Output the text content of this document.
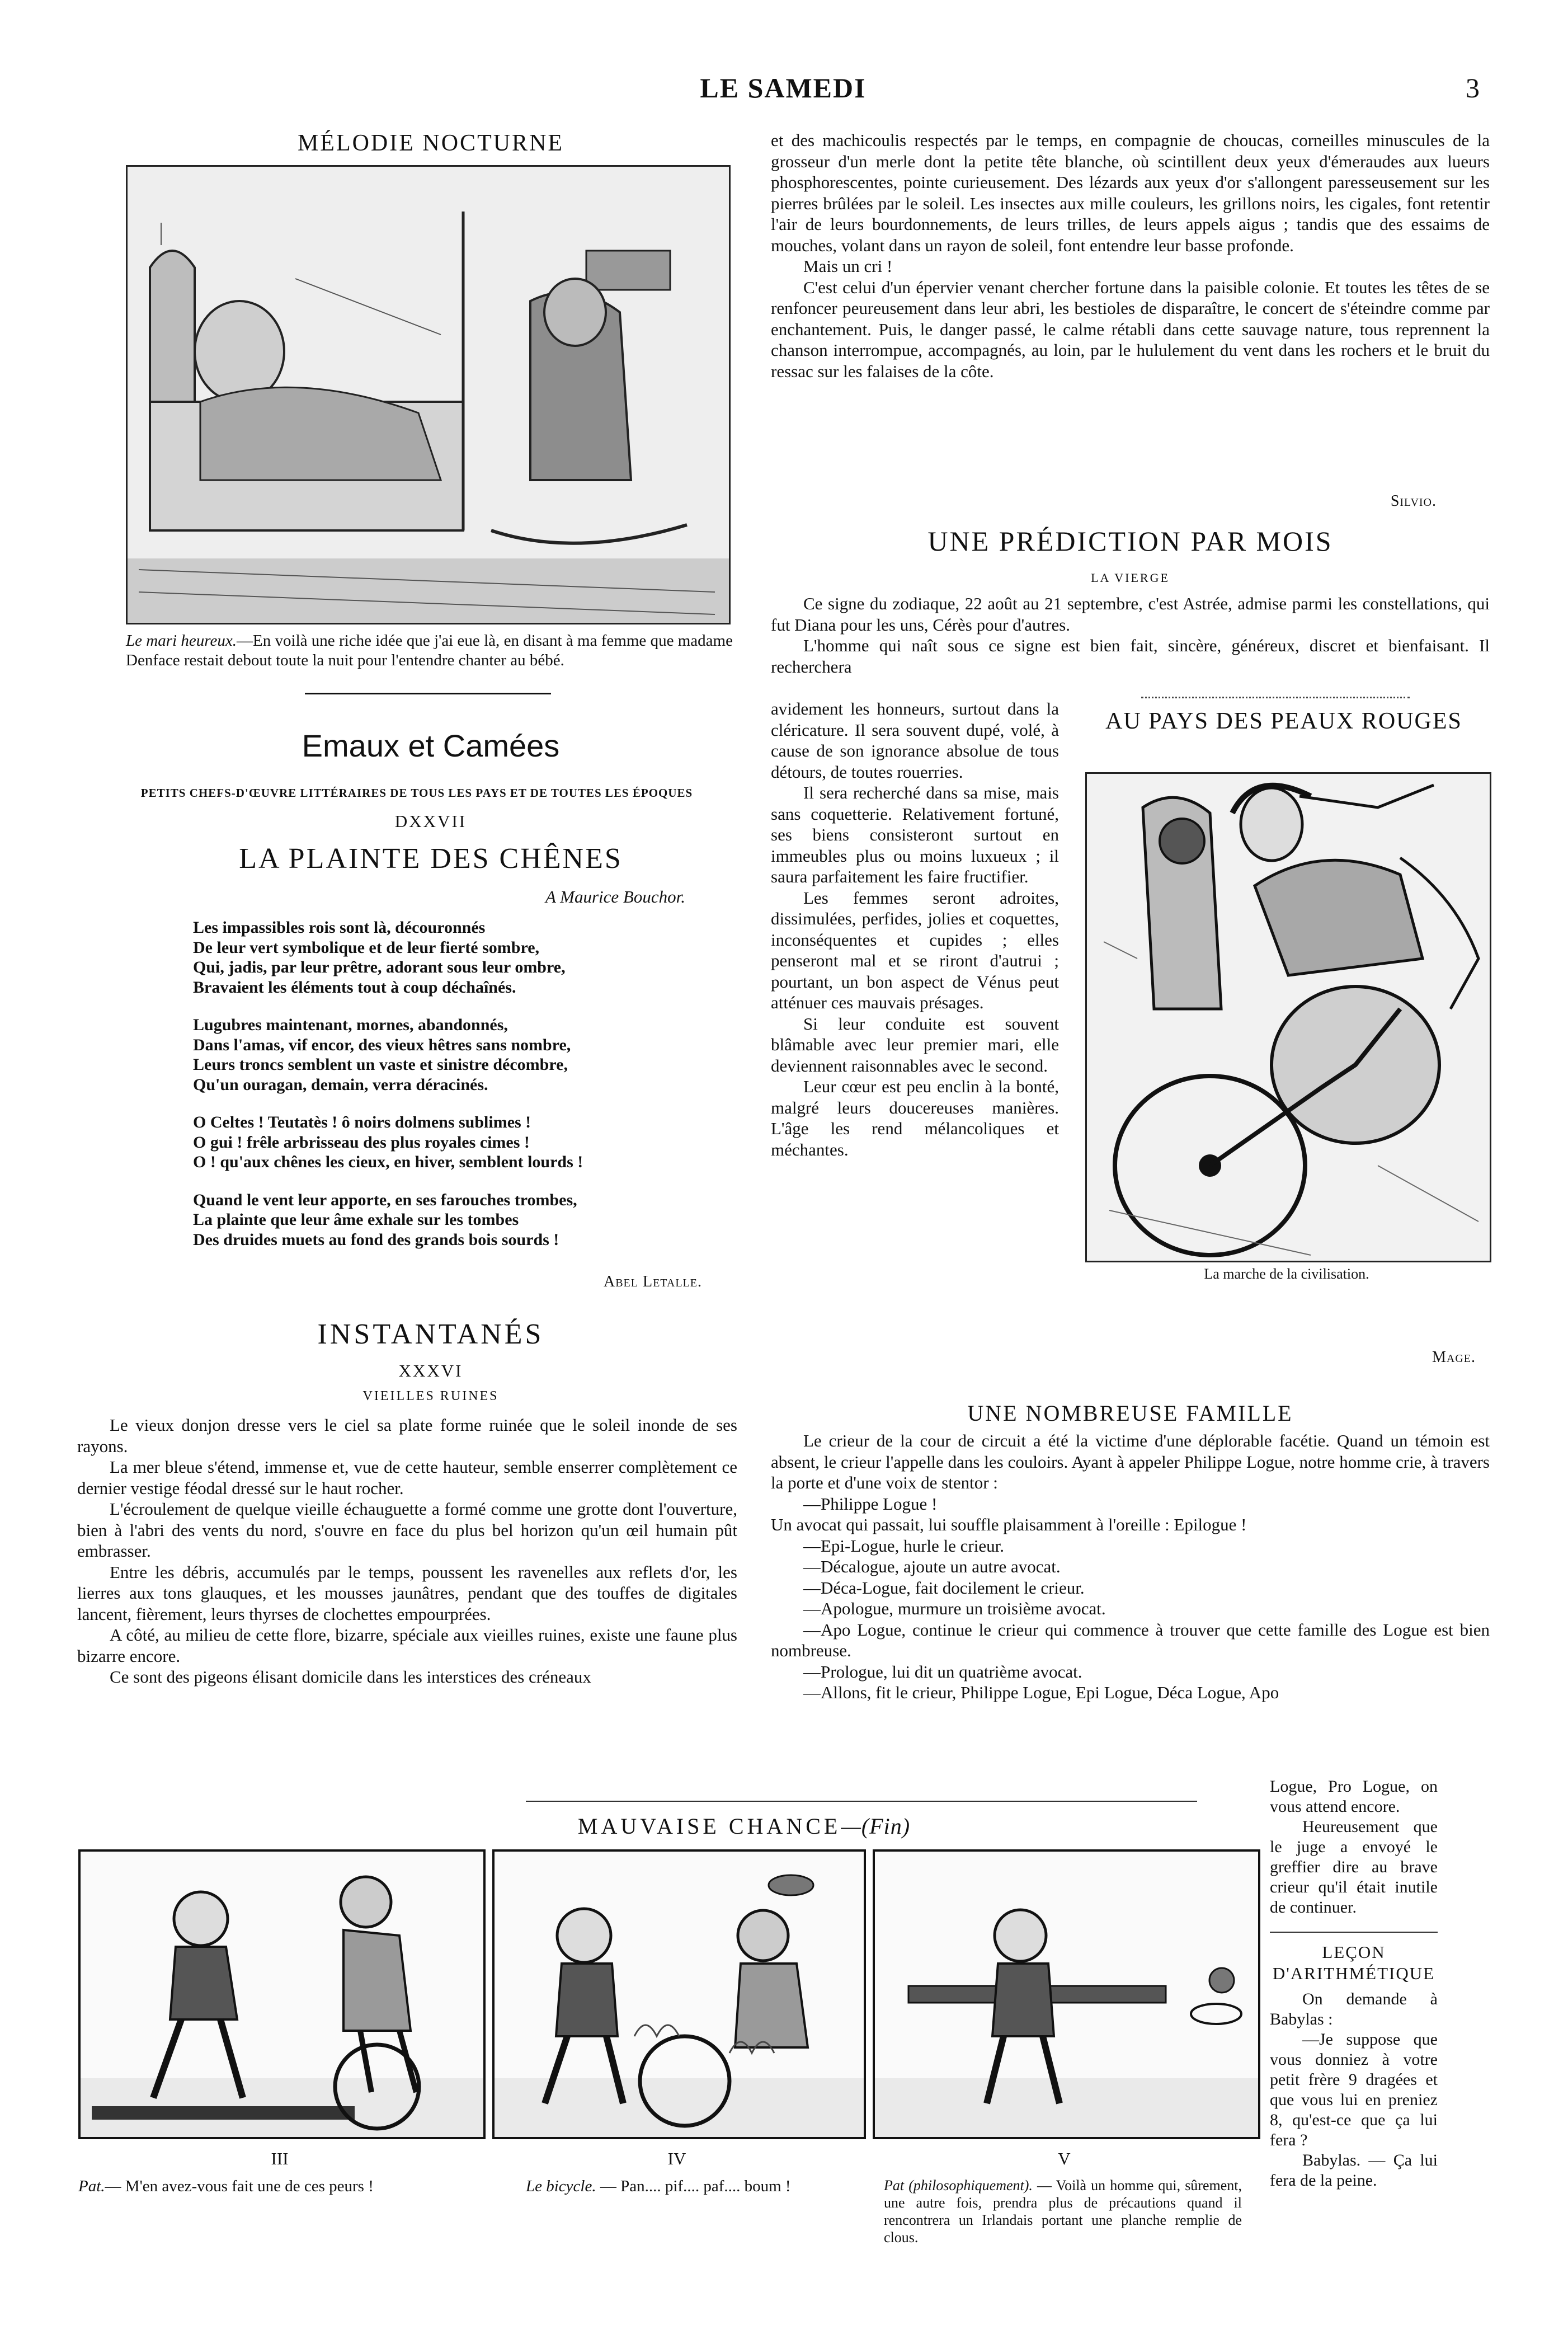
LE SAMEDI	3
MÉLODIE NOCTURNE
Le mari heureux.—En voilà une riche idée que j'ai eue là, en disant à ma femme que madame Denface restait debout toute la nuit pour l'entendre chanter au bébé.
Emaux et Camées
PETITS CHEFS-D'ŒUVRE LITTÉRAIRES DE TOUS LES PAYS ET DE TOUTES LES ÉPOQUES
DXXVII
LA PLAINTE DES CHÊNES
A Maurice Bouchor.
Les impassibles rois sont là, découronnés
De leur vert symbolique et de leur fierté sombre,
Qui, jadis, par leur prêtre, adorant sous leur ombre,
Bravaient les éléments tout à coup déchaînés.
Lugubres maintenant, mornes, abandonnés,
Dans l'amas, vif encor, des vieux hêtres sans nombre,
Leurs troncs semblent un vaste et sinistre décombre,
Qu'un ouragan, demain, verra déracinés.
O Celtes ! Teutatès ! ô noirs dolmens sublimes !
O gui ! frêle arbrisseau des plus royales cimes !
O ! qu'aux chênes les cieux, en hiver, semblent lourds !
Quand le vent leur apporte, en ses farouches trombes,
La plainte que leur âme exhale sur les tombes
Des druides muets au fond des grands bois sourds !
Abel Letalle.
INSTANTANÉS
XXXVI
VIEILLES RUINES

Le vieux donjon dresse vers le ciel sa plate forme ruinée que le soleil inonde de ses rayons.

La mer bleue s'étend, immense et, vue de cette hauteur, semble enserrer complètement ce dernier vestige féodal dressé sur le haut rocher.

L'écroulement de quelque vieille échauguette a formé comme une grotte dont l'ouverture, bien à l'abri des vents du nord, s'ouvre en face du plus bel horizon qu'un œil humain pût embrasser.

Entre les débris, accumulés par le temps, poussent les ravenelles aux reflets d'or, les lierres aux tons glauques, et les mousses jaunâtres, pendant que des touffes de digitales lancent, fièrement, leurs thyrses de clochettes empourprées.

A côté, au milieu de cette flore, bizarre, spéciale aux vieilles ruines, existe une faune plus bizarre encore.

Ce sont des pigeons élisant domicile dans les interstices des créneaux

et des machicoulis respectés par le temps, en compagnie de choucas, corneilles minuscules de la grosseur d'un merle dont la petite tête blanche, où scintillent deux yeux d'émeraudes aux lueurs phosphorescentes, pointe curieusement. Des lézards aux yeux d'or s'allongent paresseusement sur les pierres brûlées par le soleil. Les insectes aux mille couleurs, les grillons noirs, les cigales, font retentir l'air de leurs bourdonnements, de leurs trilles, de leurs appels aigus ; tandis que des essaims de mouches, volant dans un rayon de soleil, font entendre leur basse profonde.

Mais un cri !

C'est celui d'un épervier venant chercher fortune dans la paisible colonie. Et toutes les têtes de se renfoncer peureusement dans leur abri, les bestioles de disparaître, le concert de s'éteindre comme par enchantement. Puis, le danger passé, le calme rétabli dans cette sauvage nature, tous reprennent la chanson interrompue, accompagnés, au loin, par le hululement du vent dans les rochers et le bruit du ressac sur les falaises de la côte.

Silvio.
UNE PRÉDICTION PAR MOIS
LA VIERGE

Ce signe du zodiaque, 22 août au 21 septembre, c'est Astrée, admise parmi les constellations, qui fut Diana pour les uns, Cérès pour d'autres.

L'homme qui naît sous ce signe est bien fait, sincère, généreux, discret et bienfaisant. Il recherchera

avidement les honneurs, surtout dans la cléricature. Il sera souvent dupé, volé, à cause de son ignorance absolue de tous détours, de toutes rouerries.

Il sera recherché dans sa mise, mais sans coquetterie. Relativement fortuné, ses biens consisteront surtout en immeubles plus ou moins luxueux ; il saura parfaitement les faire fructifier.

Les femmes seront adroites, dissimulées, perfides, jolies et coquettes, inconséquentes et cupides ; elles penseront mal et se riront d'autrui ; pourtant, un bon aspect de Vénus peut atténuer ces mauvais présages.

Si leur conduite est souvent blâmable avec leur premier mari, elle deviennent raisonnables avec le second.

Leur cœur est peu enclin à la bonté, malgré leurs doucereuses manières. L'âge les rend mélancoliques et méchantes.

Mage.
AU PAYS DES PEAUX ROUGES
La marche de la civilisation.
UNE NOMBREUSE FAMILLE

Le crieur de la cour de circuit a été la victime d'une déplorable facétie. Quand un témoin est absent, le crieur l'appelle dans les couloirs. Ayant à appeler Philippe Logue, notre homme crie, à travers la porte et d'une voix de stentor :

—Philippe Logue !

Un avocat qui passait, lui souffle plaisamment à l'oreille : Epilogue !

—Epi-Logue, hurle le crieur.

—Décalogue, ajoute un autre avocat.

—Déca-Logue, fait docilement le crieur.

—Apologue, murmure un troisième avocat.

—Apo Logue, continue le crieur qui commence à trouver que cette famille des Logue est bien nombreuse.

—Prologue, lui dit un quatrième avocat.

—Allons, fit le crieur, Philippe Logue, Epi Logue, Déca Logue, Apo

Logue, Pro Logue, on vous attend encore.

Heureusement que le juge a envoyé le greffier dire au brave crieur qu'il était inutile de continuer.

LEÇON D'ARITHMÉTIQUE

On demande à Babylas :

—Je suppose que vous donniez à votre petit frère 9 dragées et que vous lui en preniez 8, qu'est-ce que ça lui fera ?

Babylas. — Ça lui fera de la peine.

MAUVAISE CHANCE—(Fin)
III	IV	V
Pat.— M'en avez-vous fait une de ces peurs !	Le bicycle. — Pan.... pif.... paf.... boum !	Pat (philosophiquement). — Voilà un homme qui, sûrement, une autre fois, prendra plus de précautions quand il rencontrera un Irlandais portant une planche remplie de clous.
